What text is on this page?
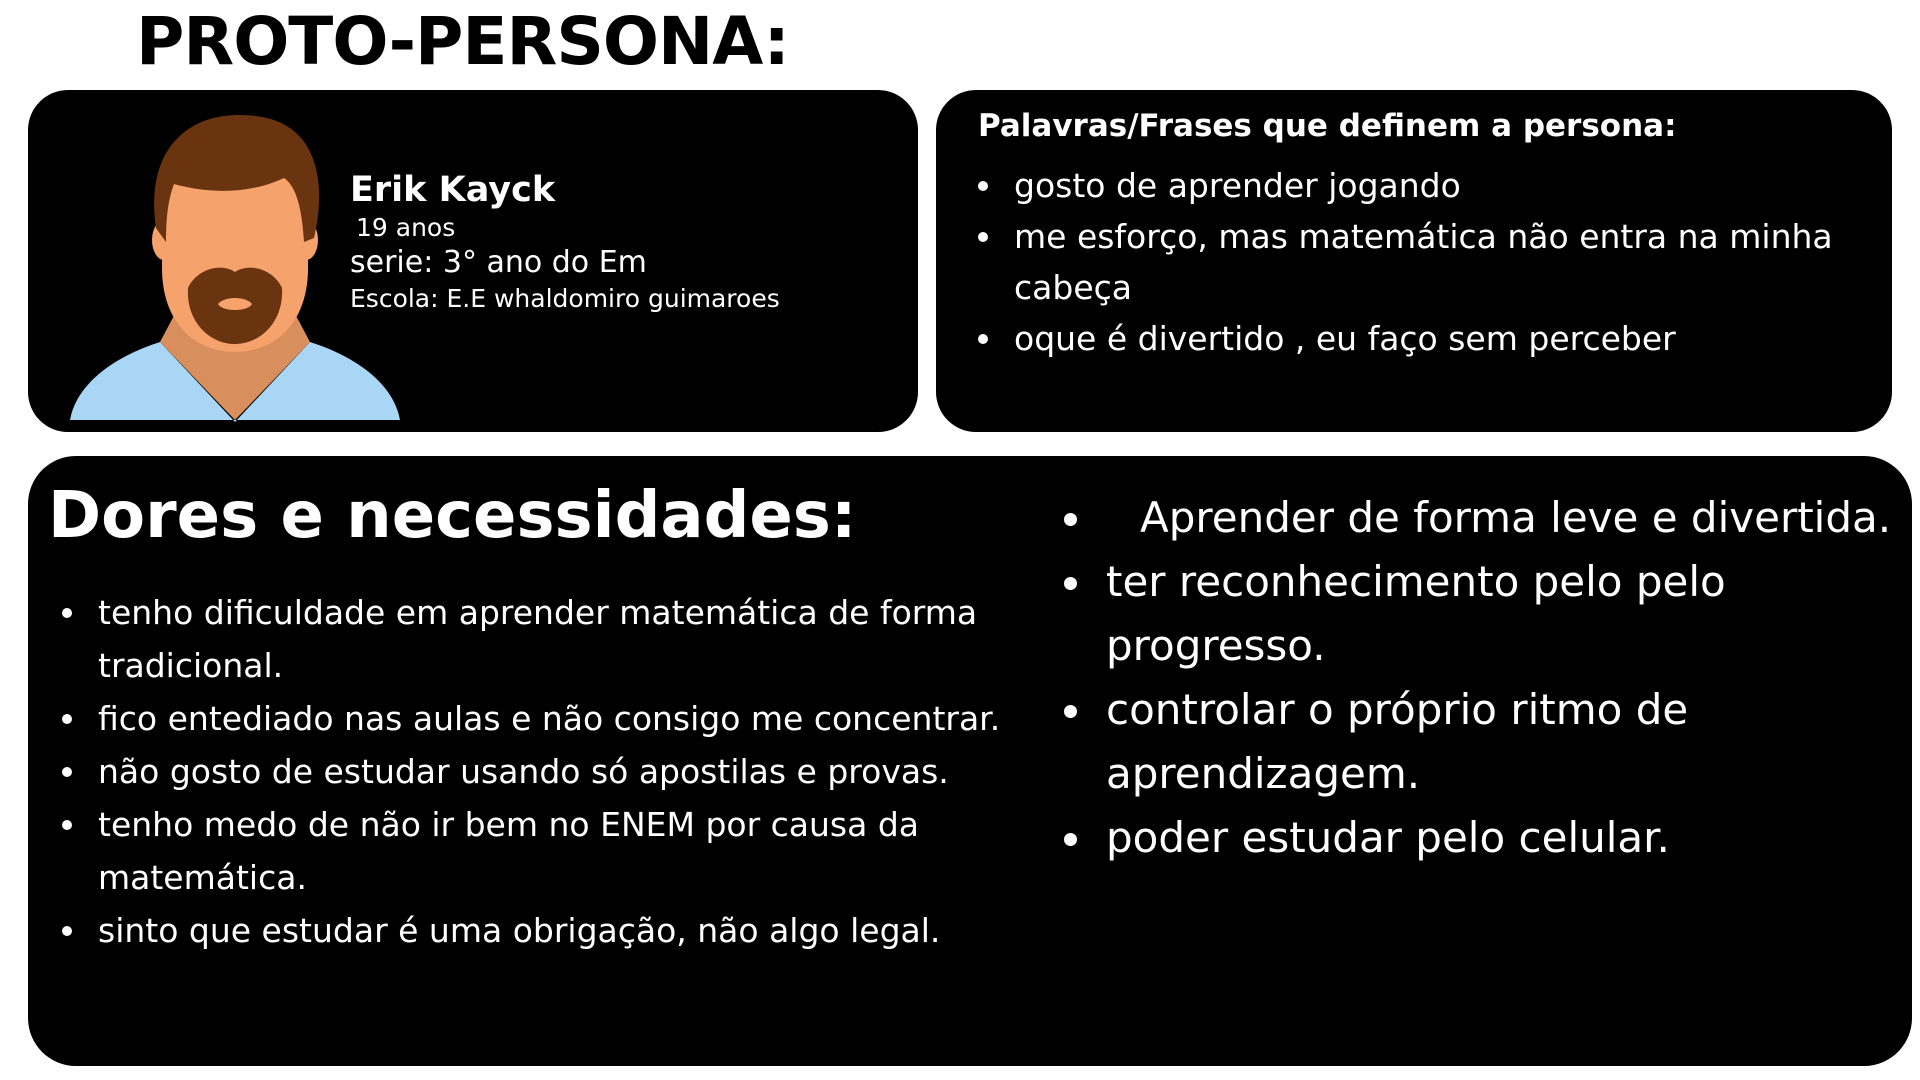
PROTO-PERSONA:
Erik Kayck
19 anos
serie: 3° ano do Em
Escola: E.E whaldomiro guimaroes
Palavras/Frases que definem a persona:
gosto de aprender jogando
me esforço, mas matemática não entra na minha cabeça
oque é divertido , eu faço sem perceber
Dores e necessidades:
tenho dificuldade em aprender matemática de forma tradicional.
fico entediado nas aulas e não consigo me concentrar.
não gosto de estudar usando só apostilas e provas.
tenho medo de não ir bem no ENEM por causa da matemática.
sinto que estudar é uma obrigação, não algo legal.
Aprender de forma leve e divertida.
ter reconhecimento pelo pelo progresso.
controlar o próprio ritmo de aprendizagem.
poder estudar pelo celular.
